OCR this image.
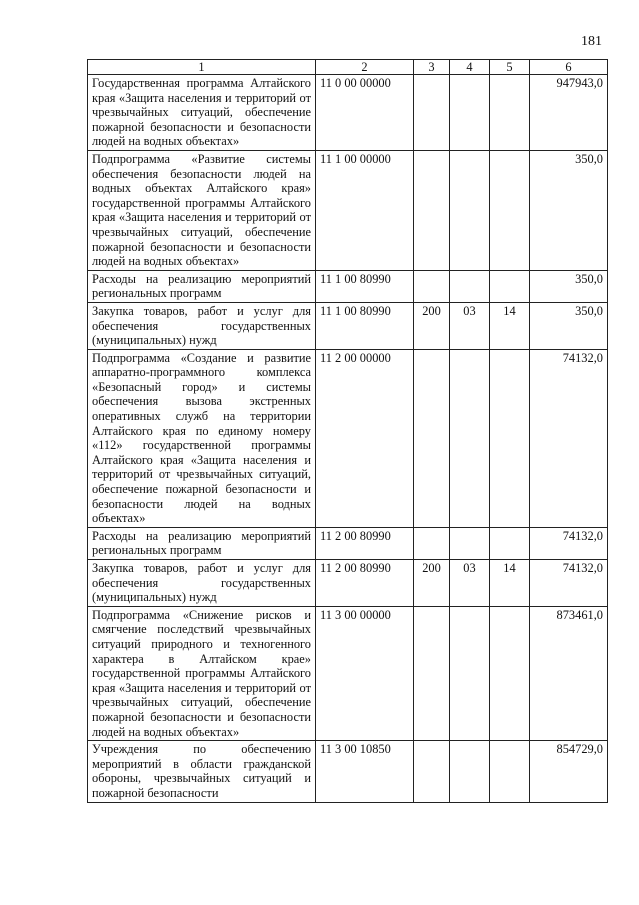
181
1	2	3	4	5	6
Государственная программа Алтайского края «Защита населения и территорий от чрезвычайных ситуаций, обеспечение пожарной безопасности и безопасности людей на водных объектах»	11 0 00 00000				947943,0
Подпрограмма «Развитие системы обеспечения безопасности людей на водных объектах Алтайского края» государственной программы Алтайского края «Защита населения и территорий от чрезвычайных ситуаций, обеспечение пожарной безопасности и безопасности людей на водных объектах»	11 1 00 00000				350,0
Расходы на реализацию мероприятий региональных программ	11 1 00 80990				350,0
Закупка товаров, работ и услуг для обеспечения государственных (муниципальных) нужд	11 1 00 80990	200	03	14	350,0
Подпрограмма «Создание и развитие аппаратно-программного комплекса «Безопасный город» и системы обеспечения вызова экстренных оперативных служб на территории Алтайского края по единому номеру «112» государственной программы Алтайского края «Защита населения и территорий от чрезвычайных ситуаций, обеспечение пожарной безопасности и безопасности людей на водных объектах»	11 2 00 00000				74132,0
Расходы на реализацию мероприятий региональных программ	11 2 00 80990				74132,0
Закупка товаров, работ и услуг для обеспечения государственных (муниципальных) нужд	11 2 00 80990	200	03	14	74132,0
Подпрограмма «Снижение рисков и смягчение последствий чрезвычайных ситуаций природного и техногенного характера в Алтайском крае» государственной программы Алтайского края «Защита населения и территорий от чрезвычайных ситуаций, обеспечение пожарной безопасности и безопасности людей на водных объектах»	11 3 00 00000				873461,0
Учреждения по обеспечению мероприятий в области гражданской обороны, чрезвычайных ситуаций и пожарной безопасности	11 3 00 10850				854729,0
